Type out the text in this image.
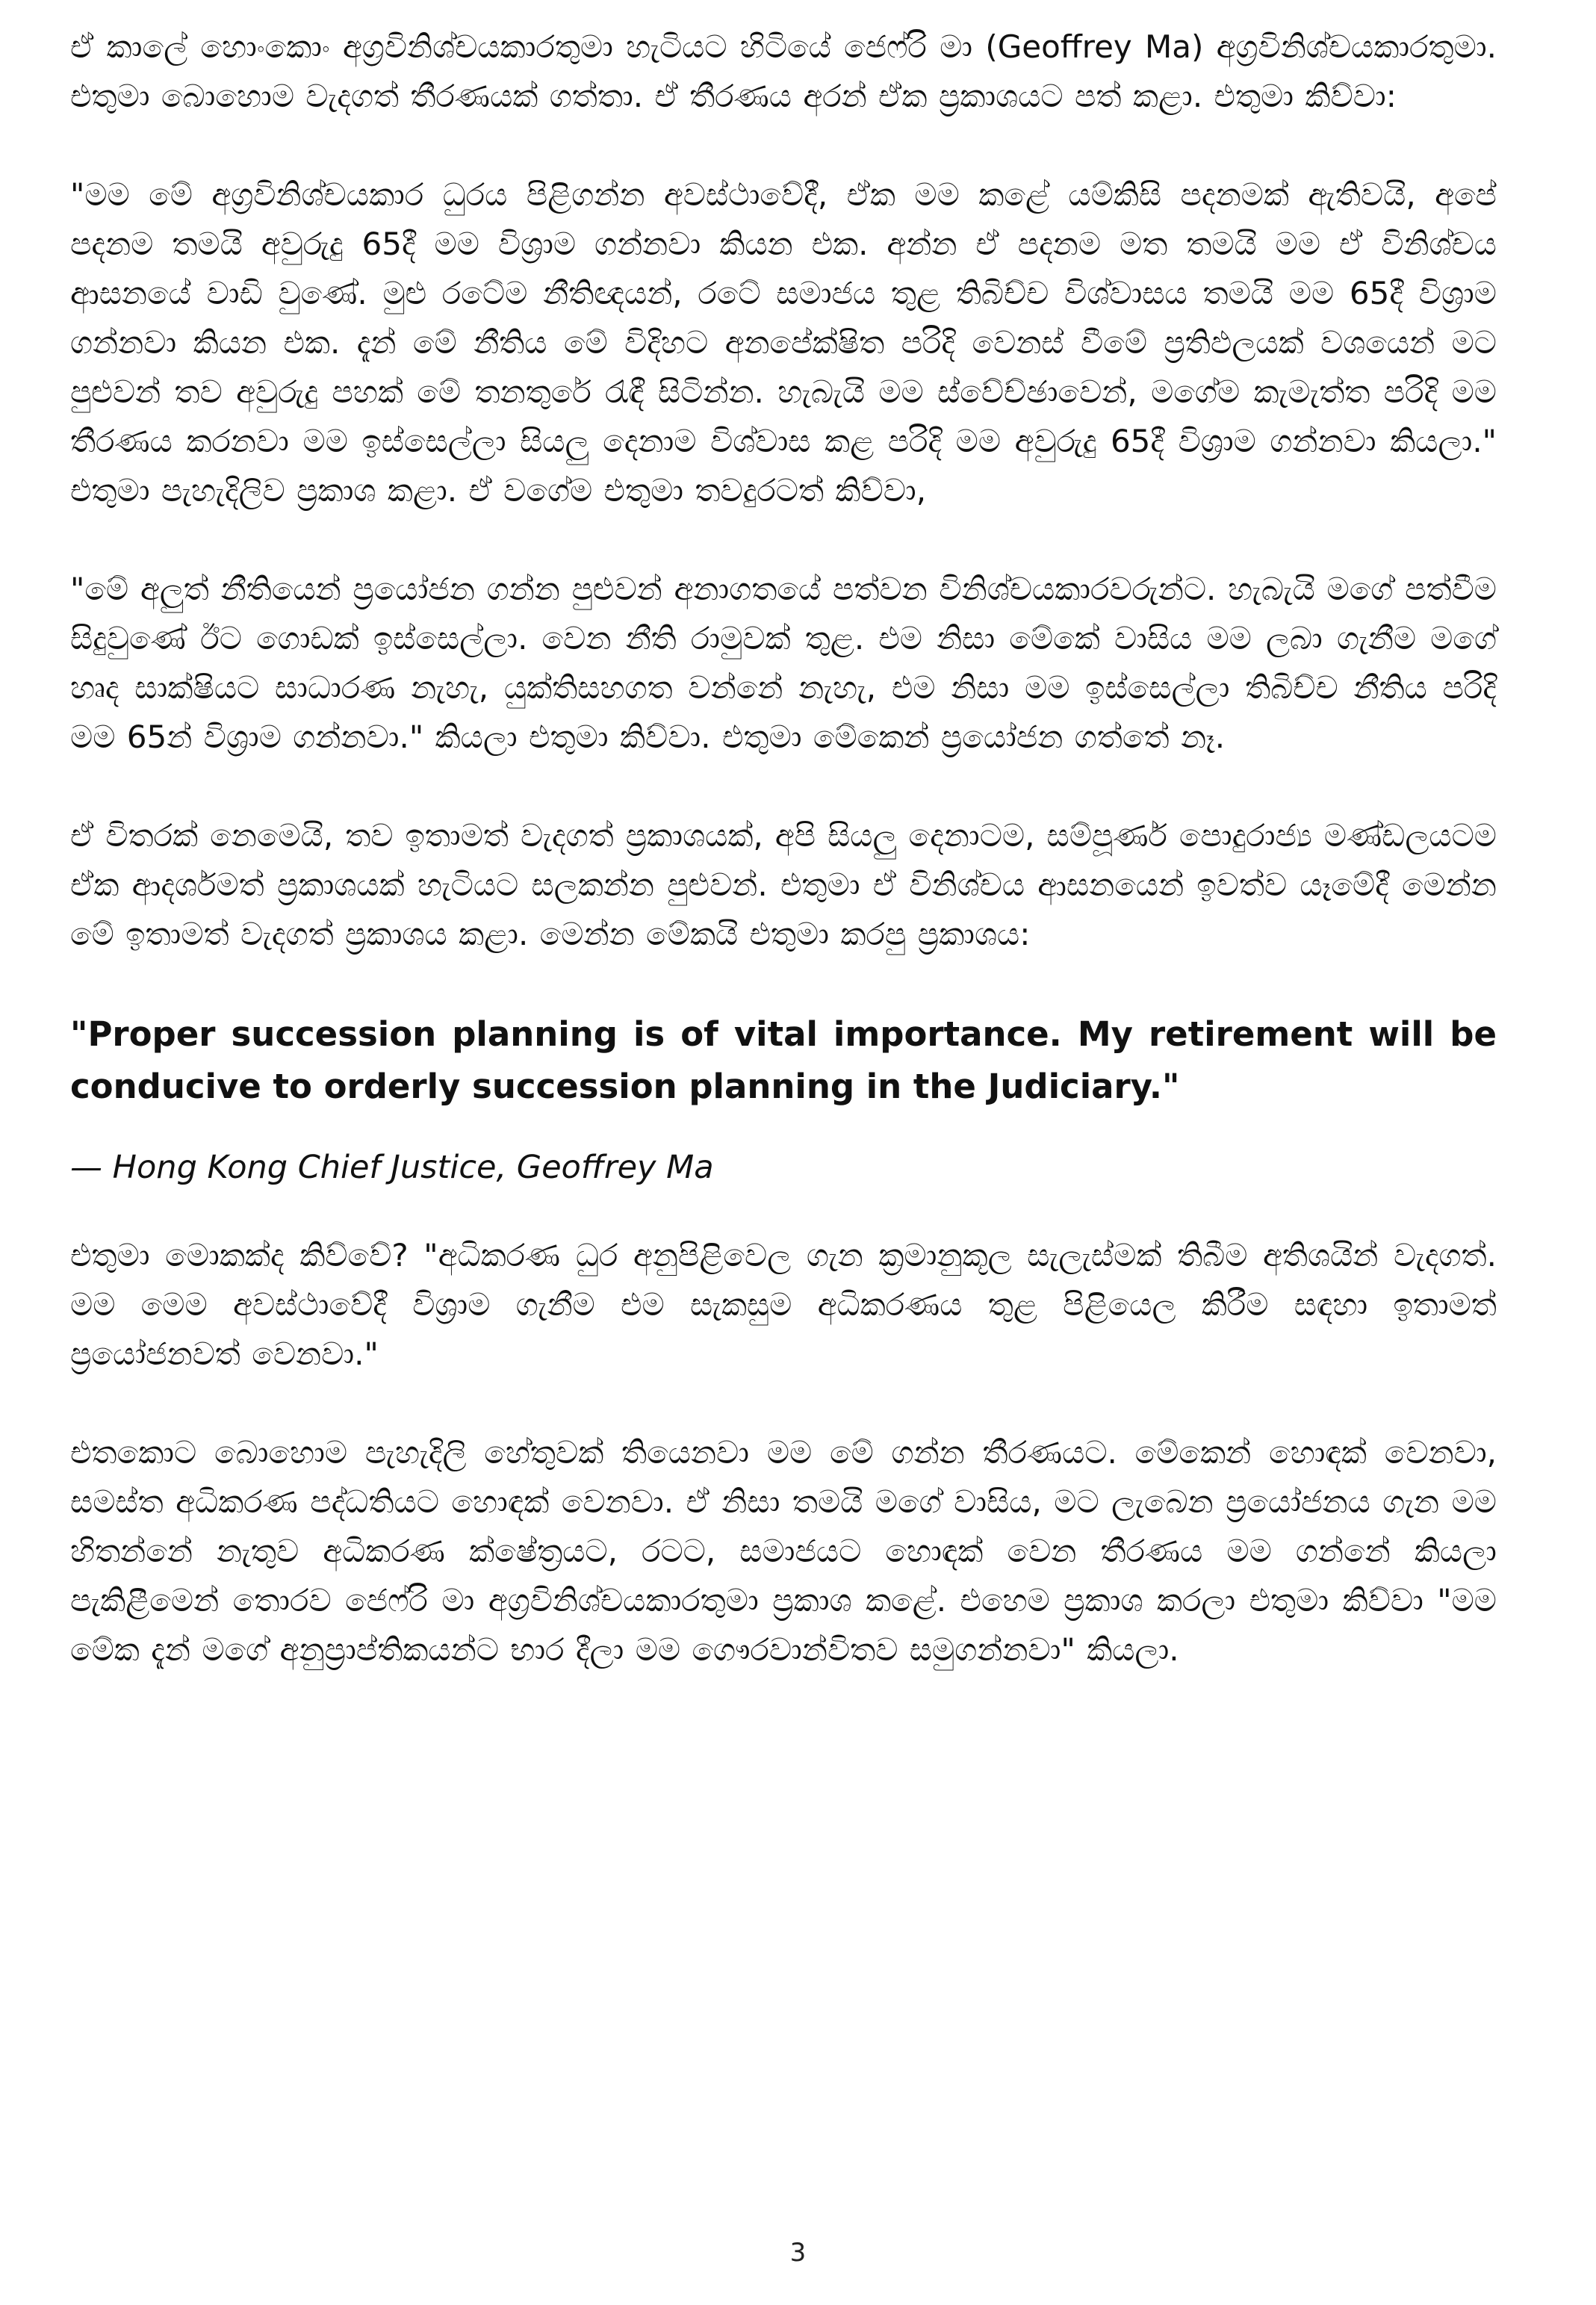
ඒ කාලේ හොංකොං අග්‍රවිනිශ්චයකාරතුමා හැටියට හිටියේ ජෙෆ්රි මා (Geoffrey Ma) අග්‍රවිනිශ්චයකාරතුමා. එතුමා බොහොම වැදගත් තීරණයක් ගත්තා. ඒ තීරණය අරන් ඒක ප්‍රකාශයට පත් කළා. එතුමා කිව්වා:

"මම මේ අග්‍රවිනිශ්චයකාර ධුරය පිළිගන්න අවස්ථාවේදී, ඒක මම කළේ යම්කිසි පදනමක් ඇතිවයි, අපේ පදනම තමයි අවුරුදු 65දී මම විශ්‍රාම ගන්නවා කියන එක. අන්න ඒ පදනම මත තමයි මම ඒ විනිශ්චය ආසනයේ වාඩි වුණේ. මුළු රටේම නීතිඥයන්, රටේ සමාජය තුළ තිබිච්ච විශ්වාසය තමයි මම 65දී විශ්‍රාම ගන්නවා කියන එක. දැන් මේ නීතිය මේ විදිහට අනපේක්ෂිත පරිදි වෙනස් වීමේ ප්‍රතිඵලයක් වශයෙන් මට පුළුවන් තව අවුරුදු පහක් මේ තනතුරේ රැඳී සිටින්න. හැබැයි මම ස්වේච්ඡාවෙන්, මගේම කැමැත්ත පරිදි මම තීරණය කරනවා මම ඉස්සෙල්ලා සියලු දෙනාම විශ්වාස කළ පරිදි මම අවුරුදු 65දී විශ්‍රාම ගන්නවා කියලා." එතුමා පැහැදිලිව ප්‍රකාශ කළා. ඒ වගේම එතුමා තවදුරටත් කිව්වා,

"මේ අලුත් නීතියෙන් ප්‍රයෝජන ගන්න පුළුවන් අනාගතයේ පත්වන විනිශ්චයකාරවරුන්ට. හැබැයි මගේ පත්වීම සිදුවුණේ ඊට ගොඩක් ඉස්සෙල්ලා. වෙන නීති රාමුවක් තුළ. එම නිසා මේකේ වාසිය මම ලබා ගැනීම මගේ හෘද සාක්ෂියට සාධාරණ නැහැ, යුක්තිසහගත වන්නේ නැහැ, එම නිසා මම ඉස්සෙල්ලා තිබිච්ච නීතිය පරිදි මම 65න් විශ්‍රාම ගන්නවා." කියලා එතුමා කිව්වා. එතුමා මේකෙන් ප්‍රයෝජන ගත්තේ නෑ.

ඒ විතරක් නෙමෙයි, තව ඉතාමත් වැදගත් ප්‍රකාශයක්, අපි සියලු දෙනාටම, සම්පූර්ණ පොදුරාජ්‍ය මණ්ඩලයටම ඒක ආදර්ශමත් ප්‍රකාශයක් හැටියට සලකන්න පුළුවන්. එතුමා ඒ විනිශ්චය ආසනයෙන් ඉවත්ව යෑමේදී මෙන්න මේ ඉතාමත් වැදගත් ප්‍රකාශය කළා. මෙන්න මේකයි එතුමා කරපු ප්‍රකාශය:

"Proper succession planning is of vital importance. My retirement will be conducive to orderly succession planning in the Judiciary."

— Hong Kong Chief Justice, Geoffrey Ma

එතුමා මොකක්ද කිව්වේ? "අධිකරණ ධුර අනුපිළිවෙල ගැන ක්‍රමානුකූල සැලැස්මක් තිබීම අතිශයින් වැදගත්. මම මෙම අවස්ථාවේදී විශ්‍රාම ගැනීම එම සැකසුම අධිකරණය තුළ පිළියෙල කිරීම සඳහා ඉතාමත් ප්‍රයෝජනවත් වෙනවා."

එතකොට බොහොම පැහැදිලි හේතුවක් තියෙනවා මම මේ ගන්න තීරණයට. මේකෙන් හොඳක් වෙනවා, සමස්ත අධිකරණ පද්ධතියට හොඳක් වෙනවා. ඒ නිසා තමයි මගේ වාසිය, මට ලැබෙන ප්‍රයෝජනය ගැන මම හිතන්නේ නැතුව අධිකරණ ක්ෂේත්‍රයට, රටට, සමාජයට හොඳක් වෙන තීරණය මම ගන්නේ කියලා පැකිළීමෙන් තොරව ජෙෆ්රි මා අග්‍රවිනිශ්චයකාරතුමා ප්‍රකාශ කළේ. එහෙම ප්‍රකාශ කරලා එතුමා කිව්වා "මම මේක දැන් මගේ අනුප්‍රාප්තිකයන්ට භාර දීලා මම ගෞරවාන්විතව සමුගන්නවා" කියලා.

3
